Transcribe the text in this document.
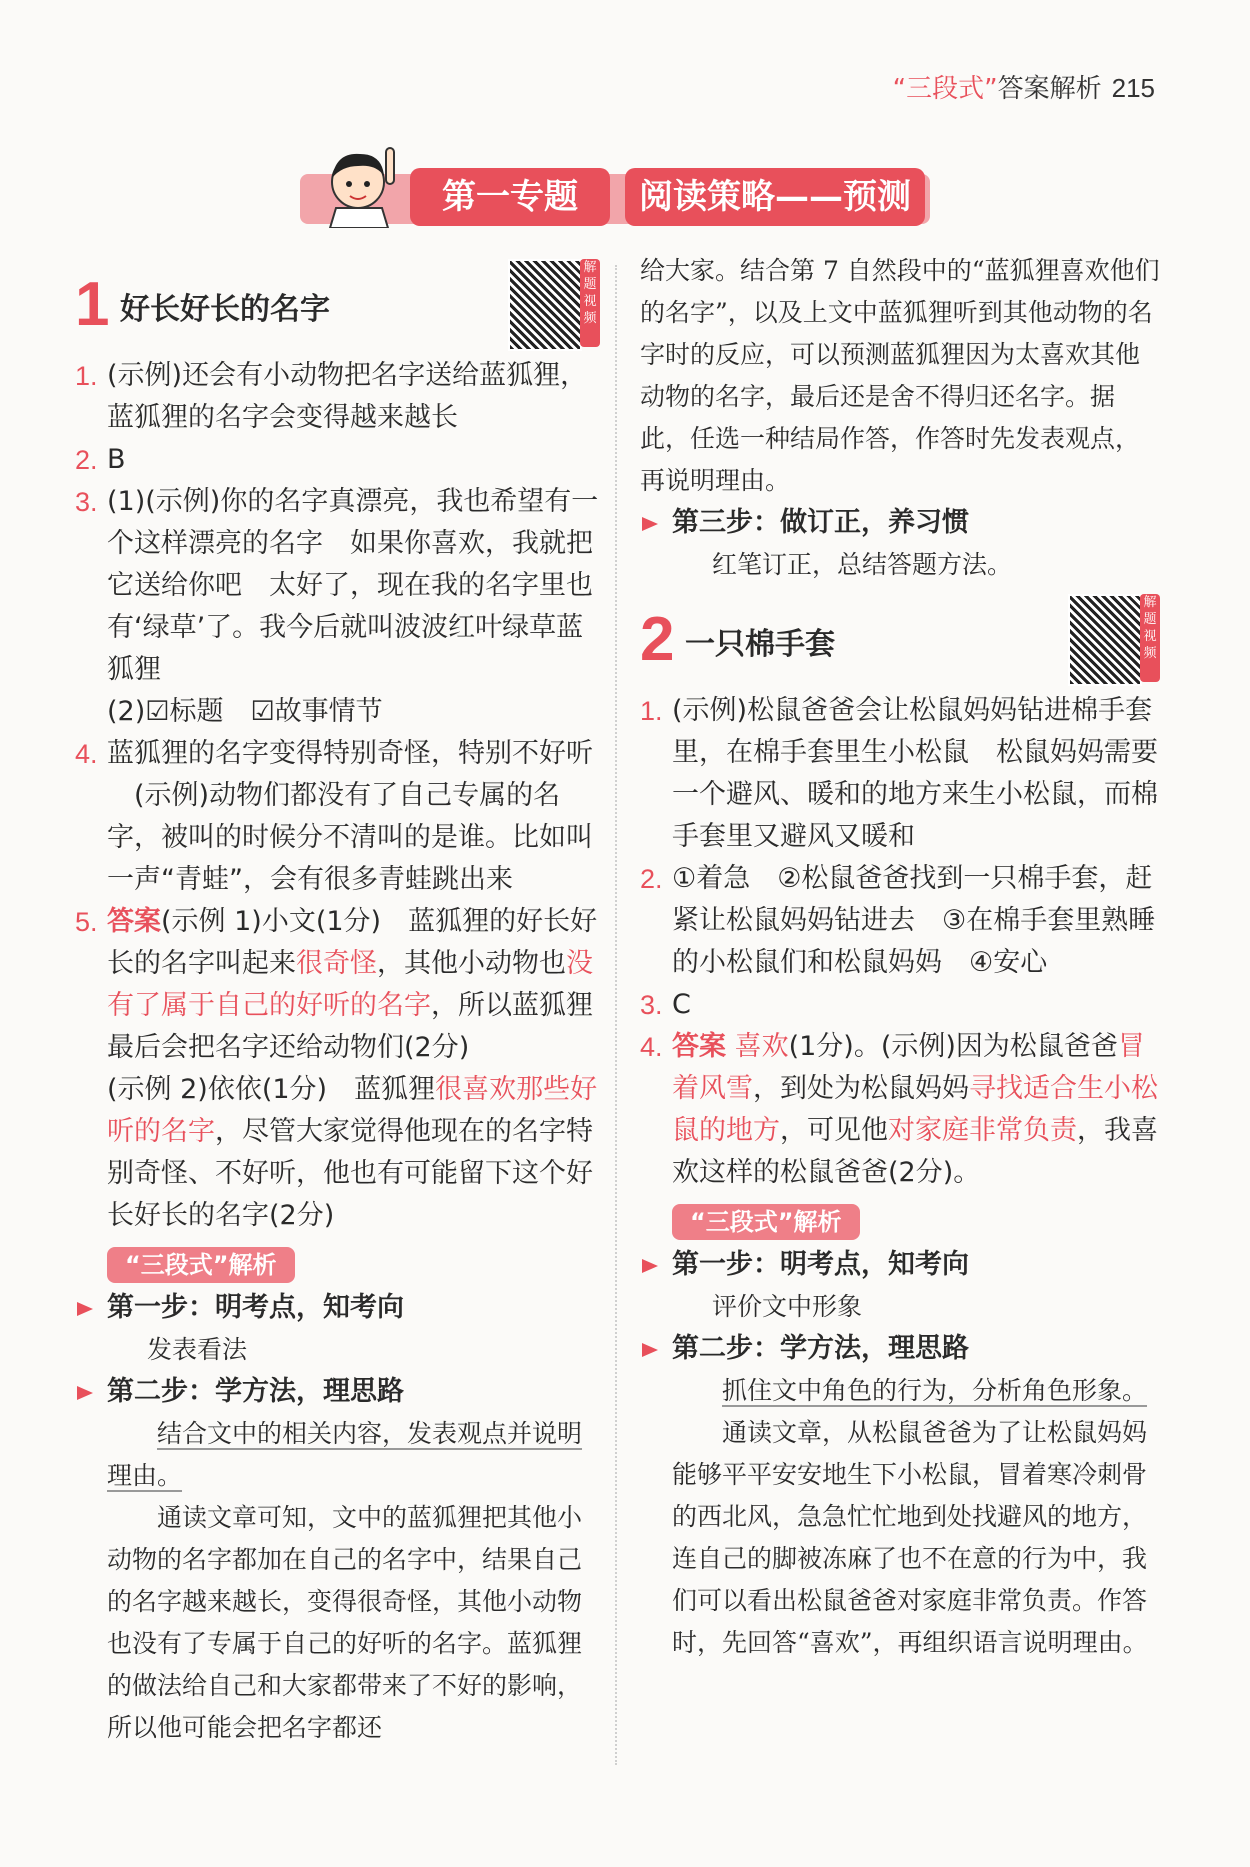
“三段式”答案解析 215
第一专题	阅读策略——预测
1 好长好长的名字
解题视频

1. (示例)还会有小动物把名字送给蓝狐狸，蓝狐狸的名字会变得越来越长

2. B

3. (1)(示例)你的名字真漂亮，我也希望有一个这样漂亮的名字　如果你喜欢，我就把它送给你吧　太好了，现在我的名字里也有‘绿草’了。我今后就叫波波红叶绿草蓝狐狸

(2)☑标题　☑故事情节

4. 蓝狐狸的名字变得特别奇怪，特别不好听

　(示例)动物们都没有了自己专属的名字，被叫的时候分不清叫的是谁。比如叫一声“青蛙”，会有很多青蛙跳出来

5. 答案(示例 1)小文(1分)　蓝狐狸的好长好长的名字叫起来很奇怪，其他小动物也没有了属于自己的好听的名字，所以蓝狐狸最后会把名字还给动物们(2分)

(示例 2)依依(1分)　蓝狐狸很喜欢那些好听的名字，尽管大家觉得他现在的名字特别奇怪、不好听，他也有可能留下这个好长好长的名字(2分)

“三段式”解析
第一步：明考点，知考向

发表看法

第二步：学方法，理思路

结合文中的相关内容，发表观点并说明理由。

通读文章可知，文中的蓝狐狸把其他小动物的名字都加在自己的名字中，结果自己的名字越来越长，变得很奇怪，其他小动物也没有了专属于自己的好听的名字。蓝狐狸的做法给自己和大家都带来了不好的影响，所以他可能会把名字都还

给大家。结合第 7 自然段中的“蓝狐狸喜欢他们的名字”，以及上文中蓝狐狸听到其他动物的名字时的反应，可以预测蓝狐狸因为太喜欢其他动物的名字，最后还是舍不得归还名字。据此，任选一种结局作答，作答时先发表观点，再说明理由。

第三步：做订正，养习惯

红笔订正，总结答题方法。

2 一只棉手套
解题视频

1. (示例)松鼠爸爸会让松鼠妈妈钻进棉手套里，在棉手套里生小松鼠　松鼠妈妈需要一个避风、暖和的地方来生小松鼠，而棉手套里又避风又暖和

2. ①着急　②松鼠爸爸找到一只棉手套，赶紧让松鼠妈妈钻进去　③在棉手套里熟睡的小松鼠们和松鼠妈妈　④安心

3. C

4. 答案 喜欢(1分)。(示例)因为松鼠爸爸冒着风雪，到处为松鼠妈妈寻找适合生小松鼠的地方，可见他对家庭非常负责，我喜欢这样的松鼠爸爸(2分)。

“三段式”解析
第一步：明考点，知考向

评价文中形象

第二步：学方法，理思路

抓住文中角色的行为，分析角色形象。

通读文章，从松鼠爸爸为了让松鼠妈妈能够平平安安地生下小松鼠，冒着寒冷刺骨的西北风，急急忙忙地到处找避风的地方，连自己的脚被冻麻了也不在意的行为中，我们可以看出松鼠爸爸对家庭非常负责。作答时，先回答“喜欢”，再组织语言说明理由。
